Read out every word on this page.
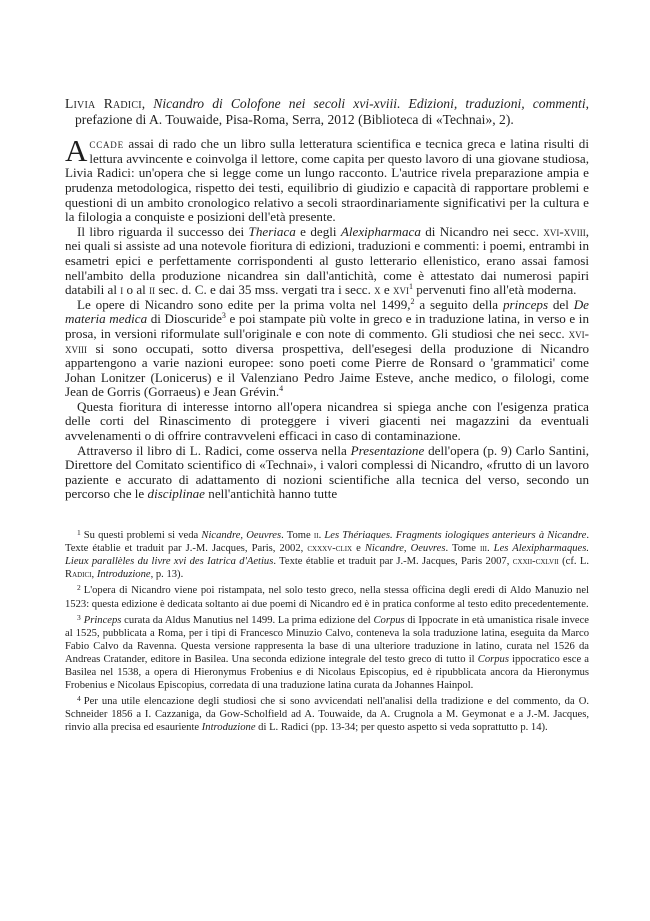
Livia Radici, Nicandro di Colofone nei secoli xvi-xviii. Edizioni, traduzioni, commenti, prefazione di A. Touwaide, Pisa-Roma, Serra, 2012 (Biblioteca di «Technai», 2).

Accade assai di rado che un libro sulla letteratura scientifica e tecnica greca e latina risulti di lettura avvincente e coinvolga il lettore, come capita per questo lavoro di una giovane studiosa, Livia Radici: un'opera che si legge come un lungo racconto. L'autrice rivela preparazione ampia e prudenza metodologica, rispetto dei testi, equilibrio di giudizio e capacità di rapportare problemi e questioni di un ambito cronologico relativo a secoli straordinariamente significativi per la cultura e la filologia a conquiste e posizioni dell'età presente.

Il libro riguarda il successo dei Theriaca e degli Alexipharmaca di Nicandro nei secc. xvi-xviii, nei quali si assiste ad una notevole fioritura di edizioni, traduzioni e commenti: i poemi, entrambi in esametri epici e perfettamente corrispondenti al gusto letterario ellenistico, erano assai famosi nell'ambito della produzione nicandrea sin dall'antichità, come è attestato dai numerosi papiri databili al i o al ii sec. d. C. e dai 35 mss. vergati tra i secc. x e xvi$^1$ pervenuti fino all'età moderna.

Le opere di Nicandro sono edite per la prima volta nel 1499,$^2$ a seguito della princeps del De materia medica di Dioscuride$^3$ e poi stampate più volte in greco e in traduzione latina, in verso e in prosa, in versioni riformulate sull'originale e con note di commento. Gli studiosi che nei secc. xvi-xviii si sono occupati, sotto diversa prospettiva, dell'esegesi della produzione di Nicandro appartengono a varie nazioni europee: sono poeti come Pierre de Ronsard o 'grammatici' come Johan Lonitzer (Lonicerus) e il Valenziano Pedro Jaime Esteve, anche medico, o filologi, come Jean de Gorris (Gorraeus) e Jean Grévin.$^4$

Questa fioritura di interesse intorno all'opera nicandrea si spiega anche con l'esigenza pratica delle corti del Rinascimento di proteggere i viveri giacenti nei magazzini da eventuali avvelenamenti o di offrire contravveleni efficaci in caso di contaminazione.

Attraverso il libro di L. Radici, come osserva nella Presentazione dell'opera (p. 9) Carlo Santini, Direttore del Comitato scientifico di «Technai», i valori complessi di Nicandro, «frutto di un lavoro paziente e accurato di adattamento di nozioni scientifiche alla tecnica del verso, secondo un percorso che le disciplinae nell'antichità hanno tutte

$^1$ Su questi problemi si veda Nicandre, Oeuvres. Tome ii. Les Thériaques. Fragments iologiques anterieurs à Nicandre. Texte établie et traduit par J.-M. Jacques, Paris, 2002, cxxxv-clix e Nicandre, Oeuvres. Tome iii. Les Alexipharmaques. Lieux parallèles du livre xvi des Iatrica d'Aetius. Texte établie et traduit par J.-M. Jacques, Paris 2007, cxxii-cxlvii (cf. L. Radici, Introduzione, p. 13).

$^2$ L'opera di Nicandro viene poi ristampata, nel solo testo greco, nella stessa officina degli eredi di Aldo Manuzio nel 1523: questa edizione è dedicata soltanto ai due poemi di Nicandro ed è in pratica conforme al testo edito precedentemente.

$^3$ Princeps curata da Aldus Manutius nel 1499. La prima edizione del Corpus di Ippocrate in età umanistica risale invece al 1525, pubblicata a Roma, per i tipi di Francesco Minuzio Calvo, conteneva la sola traduzione latina, eseguita da Marco Fabio Calvo da Ravenna. Questa versione rappresenta la base di una ulteriore traduzione in latino, curata nel 1526 da Andreas Cratander, editore in Basilea. Una seconda edizione integrale del testo greco di tutto il Corpus ippocratico esce a Basilea nel 1538, a opera di Hieronymus Frobenius e di Nicolaus Episcopius, ed è ripubblicata ancora da Hieronymus Frobenius e Nicolaus Episcopius, corredata di una traduzione latina curata da Johannes Hainpol.

$^4$ Per una utile elencazione degli studiosi che si sono avvicendati nell'analisi della tradizione e del commento, da O. Schneider 1856 a I. Cazzaniga, da Gow-Scholfield ad A. Touwaide, da A. Crugnola a M. Geymonat e a J.-M. Jacques, rinvio alla precisa ed esauriente Introduzione di L. Radici (pp. 13-34; per questo aspetto si veda soprattutto p. 14).
